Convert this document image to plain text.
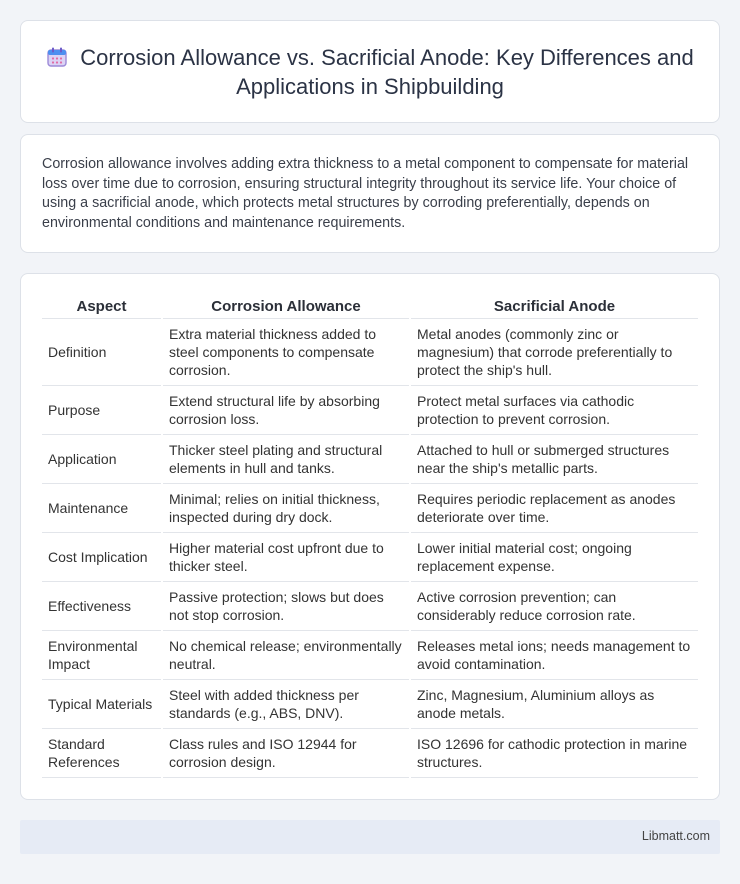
Corrosion Allowance vs. Sacrificial Anode: Key Differences and Applications in Shipbuilding

Corrosion allowance involves adding extra thickness to a metal component to compensate for material loss over time due to corrosion, ensuring structural integrity throughout its service life. Your choice of using a sacrificial anode, which protects metal structures by corroding preferentially, depends on environmental conditions and maintenance requirements.

Aspect	Corrosion Allowance	Sacrificial Anode
Definition	Extra material thickness added to steel components to compensate corrosion.	Metal anodes (commonly zinc or magnesium) that corrode preferentially to protect the ship's hull.
Purpose	Extend structural life by absorbing corrosion loss.	Protect metal surfaces via cathodic protection to prevent corrosion.
Application	Thicker steel plating and structural elements in hull and tanks.	Attached to hull or submerged structures near the ship's metallic parts.
Maintenance	Minimal; relies on initial thickness, inspected during dry dock.	Requires periodic replacement as anodes deteriorate over time.
Cost Implication	Higher material cost upfront due to thicker steel.	Lower initial material cost; ongoing replacement expense.
Effectiveness	Passive protection; slows but does not stop corrosion.	Active corrosion prevention; can considerably reduce corrosion rate.
Environmental Impact	No chemical release; environmentally neutral.	Releases metal ions; needs management to avoid contamination.
Typical Materials	Steel with added thickness per standards (e.g., ABS, DNV).	Zinc, Magnesium, Aluminium alloys as anode metals.
Standard References	Class rules and ISO 12944 for corrosion design.	ISO 12696 for cathodic protection in marine structures.
Libmatt.com
